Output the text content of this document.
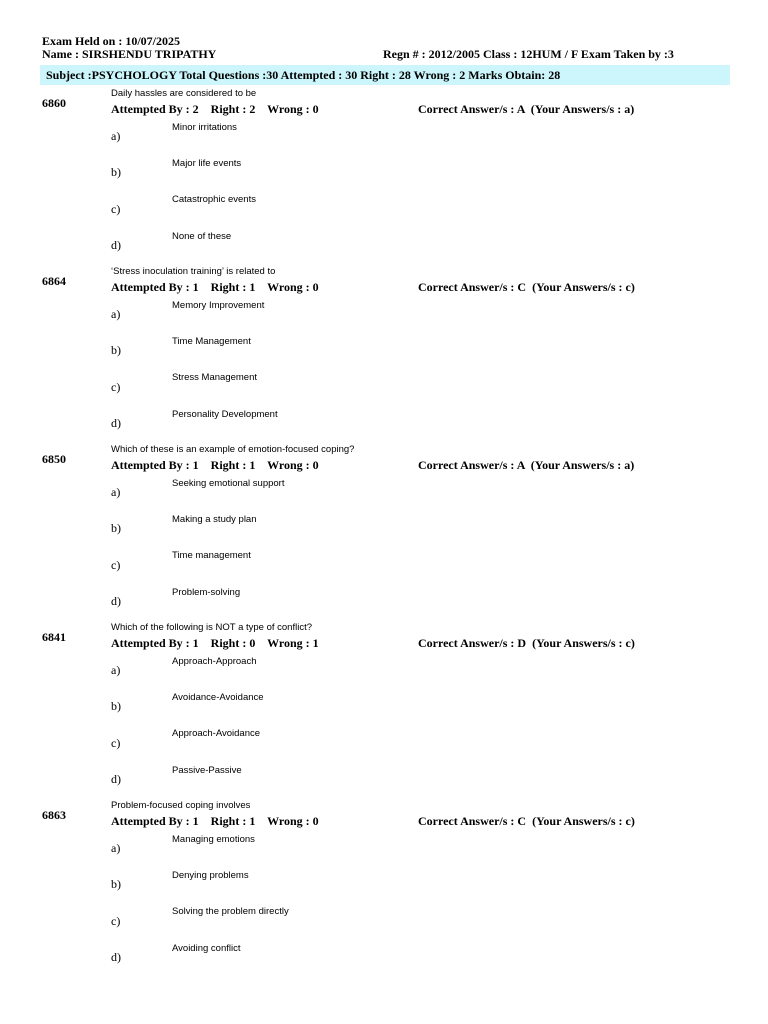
Exam Held on : 10/07/2025
Name : SIRSHENDU TRIPATHY	Regn # : 2012/2005 Class : 12HUM / F Exam Taken by :3
Subject :PSYCHOLOGY Total Questions :30 Attempted : 30 Right : 28 Wrong : 2 Marks Obtain: 28
6860
Daily hassles are considered to be
Attempted By : 2    Right : 2    Wrong : 0	Correct Answer/s : A  (Your Answers/s : a)
Minor irritations
a)
Major life events
b)
Catastrophic events
c)
None of these
d)
6864
‘Stress inoculation training’ is related to
Attempted By : 1    Right : 1    Wrong : 0	Correct Answer/s : C  (Your Answers/s : c)
Memory Improvement
a)
Time Management
b)
Stress Management
c)
Personality Development
d)
6850
Which of these is an example of emotion-focused coping?
Attempted By : 1    Right : 1    Wrong : 0	Correct Answer/s : A  (Your Answers/s : a)
Seeking emotional support
a)
Making a study plan
b)
Time management
c)
Problem-solving
d)
6841
Which of the following is NOT a type of conflict?
Attempted By : 1    Right : 0    Wrong : 1	Correct Answer/s : D  (Your Answers/s : c)
Approach-Approach
a)
Avoidance-Avoidance
b)
Approach-Avoidance
c)
Passive-Passive
d)
6863
Problem-focused coping involves
Attempted By : 1    Right : 1    Wrong : 0	Correct Answer/s : C  (Your Answers/s : c)
Managing emotions
a)
Denying problems
b)
Solving the problem directly
c)
Avoiding conflict
d)
